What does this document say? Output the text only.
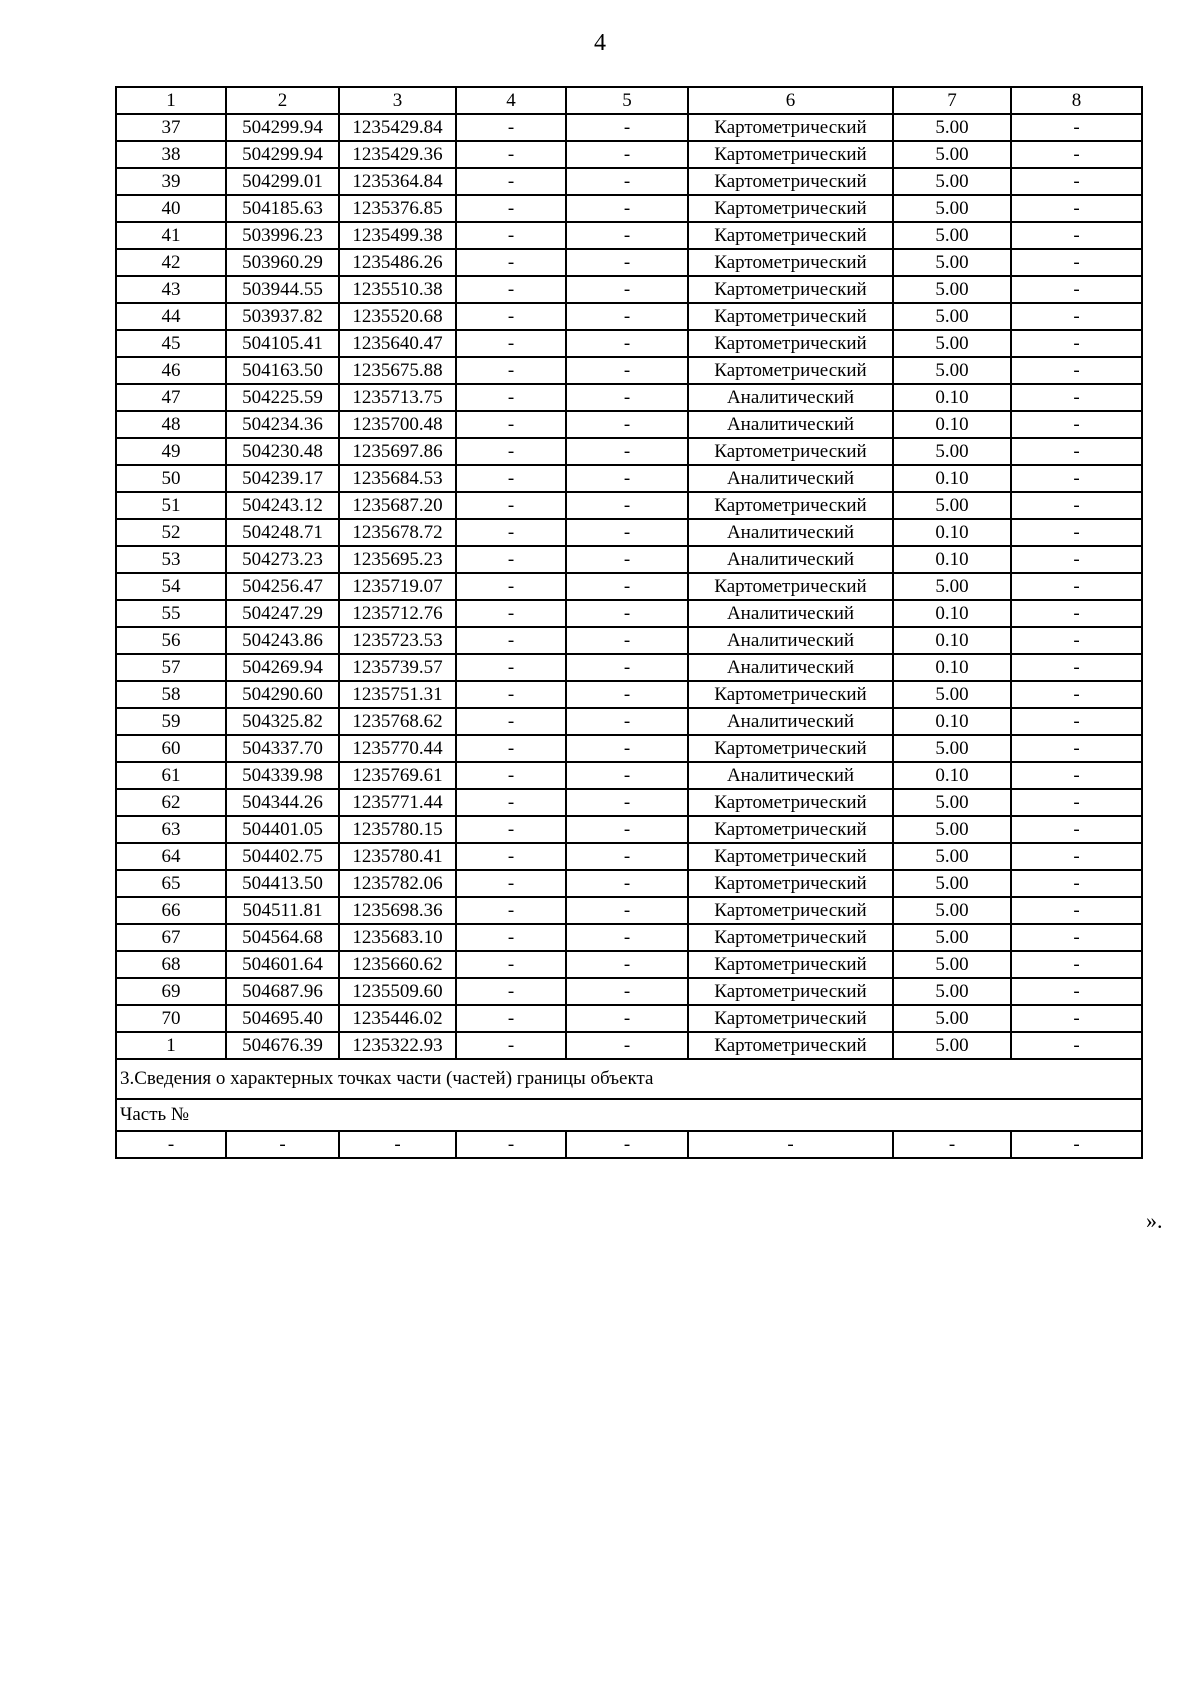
4
1	2	3	4	5	6	7	8
37	504299.94	1235429.84	-	-	Картометрический	5.00	-
38	504299.94	1235429.36	-	-	Картометрический	5.00	-
39	504299.01	1235364.84	-	-	Картометрический	5.00	-
40	504185.63	1235376.85	-	-	Картометрический	5.00	-
41	503996.23	1235499.38	-	-	Картометрический	5.00	-
42	503960.29	1235486.26	-	-	Картометрический	5.00	-
43	503944.55	1235510.38	-	-	Картометрический	5.00	-
44	503937.82	1235520.68	-	-	Картометрический	5.00	-
45	504105.41	1235640.47	-	-	Картометрический	5.00	-
46	504163.50	1235675.88	-	-	Картометрический	5.00	-
47	504225.59	1235713.75	-	-	Аналитический	0.10	-
48	504234.36	1235700.48	-	-	Аналитический	0.10	-
49	504230.48	1235697.86	-	-	Картометрический	5.00	-
50	504239.17	1235684.53	-	-	Аналитический	0.10	-
51	504243.12	1235687.20	-	-	Картометрический	5.00	-
52	504248.71	1235678.72	-	-	Аналитический	0.10	-
53	504273.23	1235695.23	-	-	Аналитический	0.10	-
54	504256.47	1235719.07	-	-	Картометрический	5.00	-
55	504247.29	1235712.76	-	-	Аналитический	0.10	-
56	504243.86	1235723.53	-	-	Аналитический	0.10	-
57	504269.94	1235739.57	-	-	Аналитический	0.10	-
58	504290.60	1235751.31	-	-	Картометрический	5.00	-
59	504325.82	1235768.62	-	-	Аналитический	0.10	-
60	504337.70	1235770.44	-	-	Картометрический	5.00	-
61	504339.98	1235769.61	-	-	Аналитический	0.10	-
62	504344.26	1235771.44	-	-	Картометрический	5.00	-
63	504401.05	1235780.15	-	-	Картометрический	5.00	-
64	504402.75	1235780.41	-	-	Картометрический	5.00	-
65	504413.50	1235782.06	-	-	Картометрический	5.00	-
66	504511.81	1235698.36	-	-	Картометрический	5.00	-
67	504564.68	1235683.10	-	-	Картометрический	5.00	-
68	504601.64	1235660.62	-	-	Картометрический	5.00	-
69	504687.96	1235509.60	-	-	Картометрический	5.00	-
70	504695.40	1235446.02	-	-	Картометрический	5.00	-
1	504676.39	1235322.93	-	-	Картометрический	5.00	-
3.Сведения о характерных точках части (частей) границы объекта							
Часть №							
-	-	-	-	-	-	-	-
».
